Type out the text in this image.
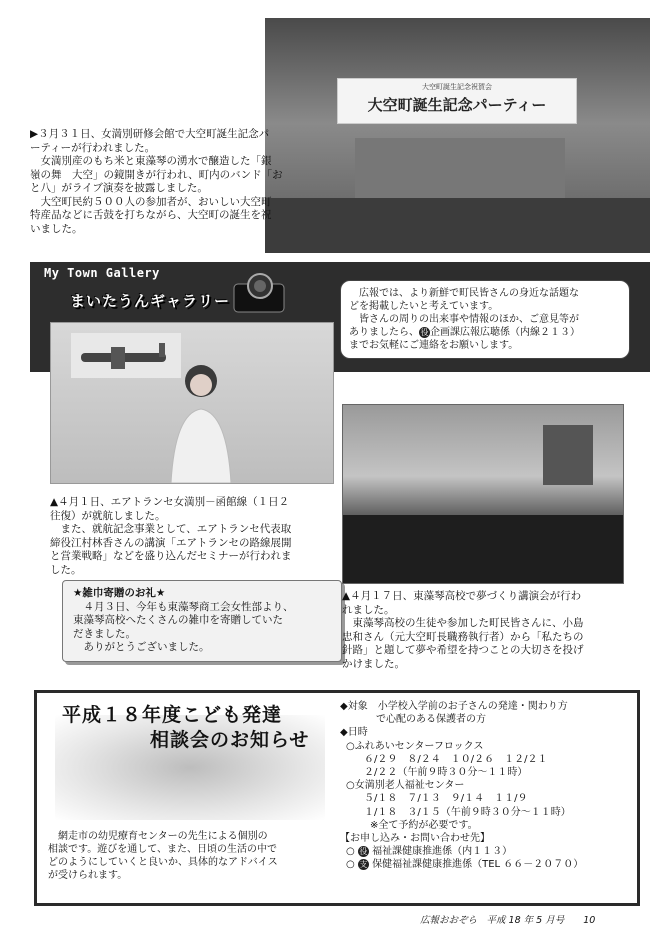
大空町誕生記念祝賀会
大空町誕生記念パーティー
▶３月３１日、女満別研修会館で大空町誕生記念パ
ーティーが行われました。
　女満別産のもち米と東藻琴の湧水で醸造した「銀
嶺の舞　大空」の鏡開きが行われ、町内のバンド「お
と八」がライブ演奏を披露しました。
　大空町民約５００人の参加者が、おいしい大空町
特産品などに舌鼓を打ちながら、大空町の誕生を祝
いました。
My Town Gallery
まいたうんギャラリー	　広報では、より新鮮で町民皆さんの身近な話題な
どを掲載したいと考えています。
　皆さんの周りの出来事や情報のほか、ご意見等が
ありましたら、 役 企画課広報広聴係（内線２１３）
までお気軽にご連絡をお願いします。
▲４月１日、エアトランセ女満別－函館線（１日２
往復）が就航しました。
　また、就航記念事業として、エアトランセ代表取
締役江村林香さんの講演「エアトランセの路線展開
と営業戦略」などを盛り込んだセミナーが行われま
した。
★雑巾寄贈のお礼★
　４月３日、今年も東藻琴商工会女性部より、
東藻琴高校へたくさんの雑巾を寄贈していた
だきました。
　ありがとうございました。
▲４月１７日、東藻琴高校で夢づくり講演会が行わ
れました。
　東藻琴高校の生徒や参加した町民皆さんに、小島
忠和さん（元大空町長職務執行者）から「私たちの
針路」と題して夢や希望を持つことの大切さを投げ
かけました。
平成１８年度こども発達
相談会のお知らせ
　網走市の幼児療育センターの先生による個別の
相談です。遊びを通して、また、日頃の生活の中で
どのようにしていくと良いか、具体的なアドバイス
が受けられます。
◆対象　小学校入学前のお子さんの発達・関わり方
で心配のある保護者の方
◆日時
○ふれあいセンターフロックス
６/２９　８/２４　１０/２６　１２/２１
２/２２（午前９時３０分～１１時）
○女満別老人福祉センター
５/１８　７/１３　９/１４　１１/９
１/１８　３/１５（午前９時３０分～１１時）
※全て予約が必要です。
【お申し込み・お問い合わせ先】
○ 役 福祉課健康推進係（内１１３）
○ 支 保健福祉課健康推進係（TEL ６６－２０７０）
広報おおぞら　平成 18 年 5 月号 10
